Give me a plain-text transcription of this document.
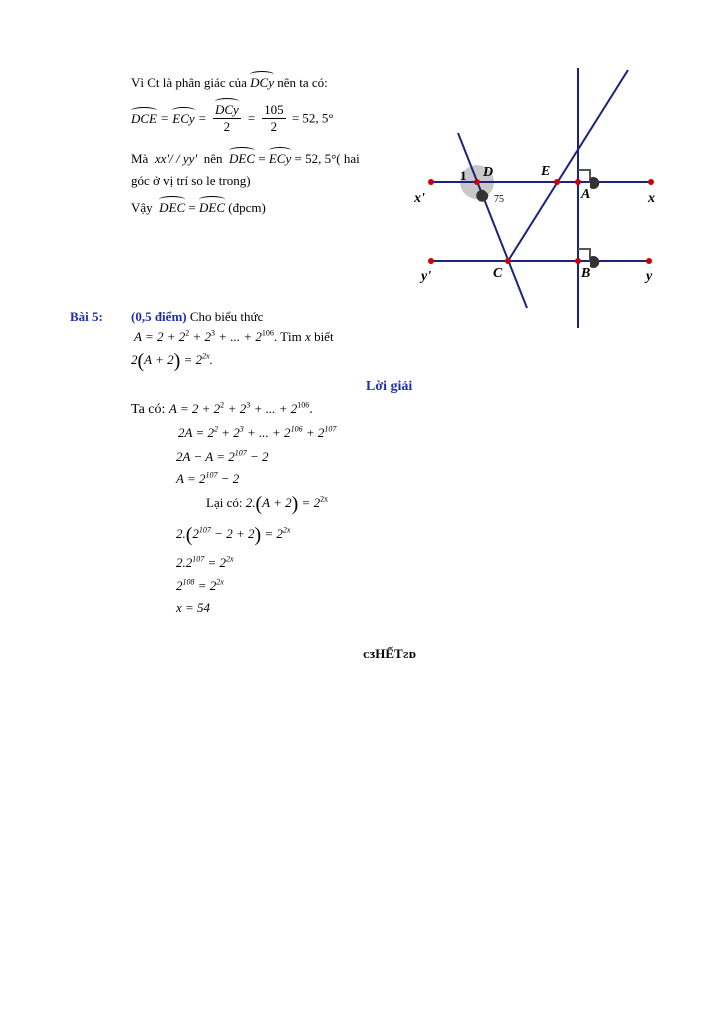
Vì Ct là phân giác của DCy nên ta có:
DCE = ECy = $\frac{\text{DCy}}{2} = \frac{105}{2} = 52$, 5°
Mà xx'/ / yy' nên DEC = ECy = 52, 5°( hai
góc ở vị trí so le trong)
Vậy DEC = DEC (đpcm)
D	E
A
B
C
x'	x
y'	y
1
75
Bài 5: (0,5 điểm) Cho biểu thức
$A = 2 + 2^2 + 2^3$ + ... + $2^{106}$. Tìm x biết
$2(A + 2) = 2^{2x}$.
Lời giải
Ta có: $A = 2 + 2^2 + 2^3$ + ... + $2^{106}$.
$2A = 2^2 + 2^3$ + ... + $2^{106} + 2^{107}$
$2A - A = 2^{107} - 2$
$A = 2^{107} - 2$
Lại có: $2.(A + 2) = 2^{2x}$
$2.(2^{107} - 2 + 2) = 2^{2x}$
$2.2^{107} = 2^{2x}$
$2^{108} = 2^{2x}$
x = 54
ᴄᴣHẾTᴤᴅ
